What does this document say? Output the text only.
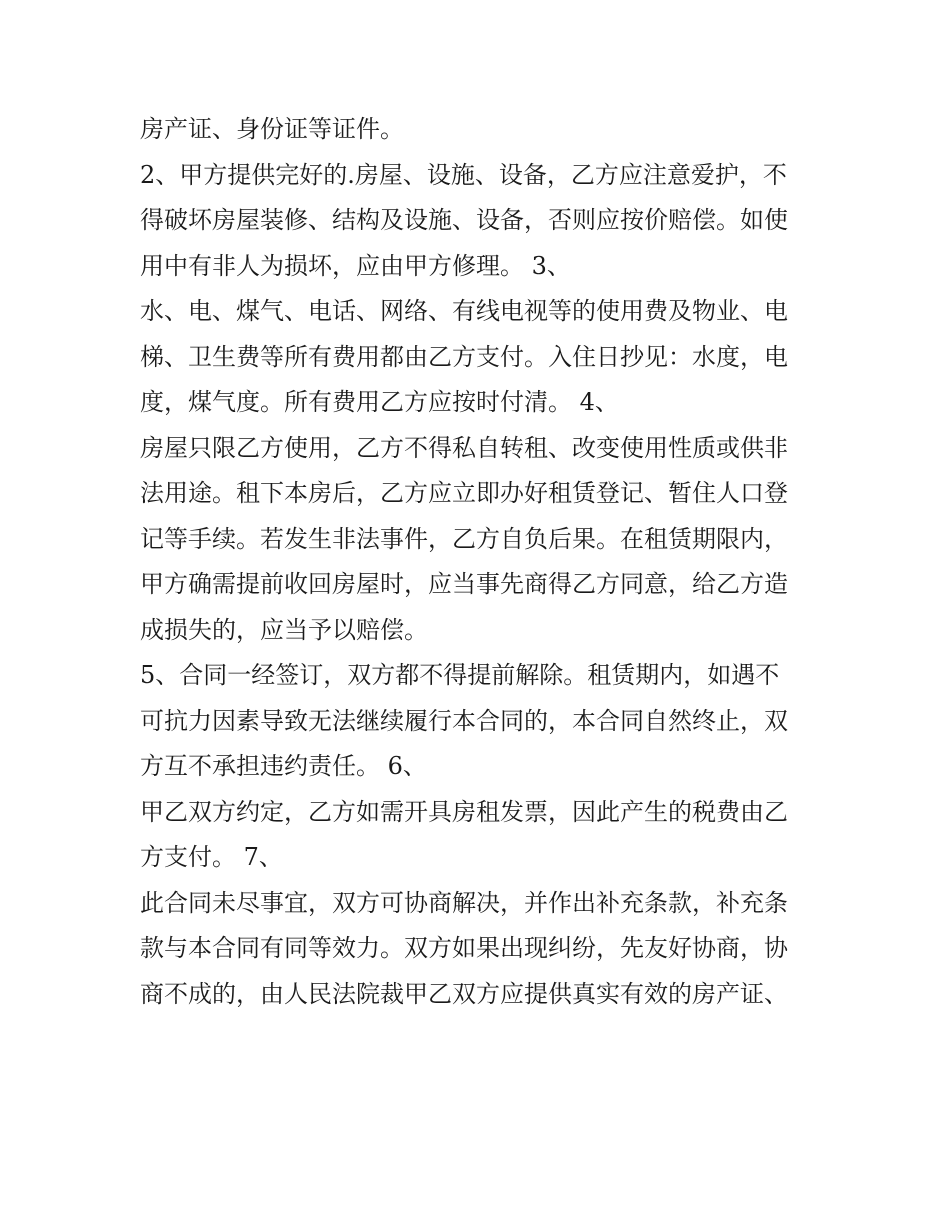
房产证、身份证等证件。
2、甲方提供完好的.房屋、设施、设备，乙方应注意爱护，不
得破坏房屋装修、结构及设施、设备，否则应按价赔偿。如使
用中有非人为损坏，应由甲方修理。 3、
水、电、煤气、电话、网络、有线电视等的使用费及物业、电
梯、卫生费等所有费用都由乙方支付。入住日抄见：水度，电
度，煤气度。所有费用乙方应按时付清。 4、
房屋只限乙方使用，乙方不得私自转租、改变使用性质或供非
法用途。租下本房后，乙方应立即办好租赁登记、暂住人口登
记等手续。若发生非法事件，乙方自负后果。在租赁期限内，
甲方确需提前收回房屋时，应当事先商得乙方同意，给乙方造
成损失的，应当予以赔偿。
5、合同一经签订，双方都不得提前解除。租赁期内，如遇不
可抗力因素导致无法继续履行本合同的，本合同自然终止，双
方互不承担违约责任。 6、
甲乙双方约定，乙方如需开具房租发票，因此产生的税费由乙
方支付。 7、
此合同未尽事宜，双方可协商解决，并作出补充条款，补充条
款与本合同有同等效力。双方如果出现纠纷，先友好协商，协
商不成的，由人民法院裁甲乙双方应提供真实有效的房产证、
